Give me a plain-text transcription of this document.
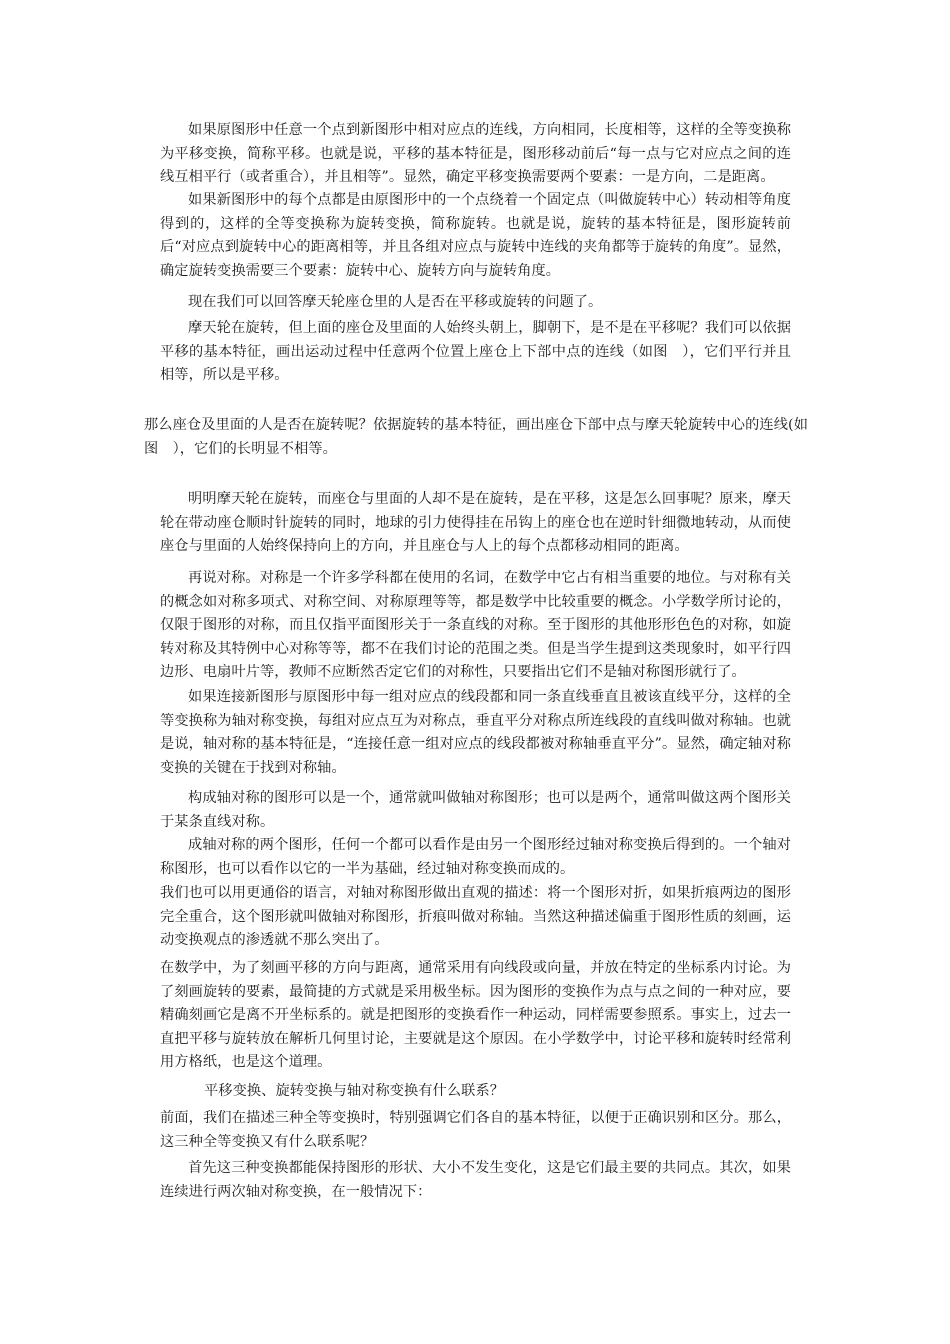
如果原图形中任意一个点到新图形中相对应点的连线，方向相同，长度相等，这样的全等变换称为平移变换，简称平移。也就是说，平移的基本特征是，图形移动前后“每一点与它对应点之间的连线互相平行（或者重合），并且相等”。显然，确定平移变换需要两个要素：一是方向，二是距离。

如果新图形中的每个点都是由原图形中的一个点绕着一个固定点（叫做旋转中心）转动相等角度得到的，这样的全等变换称为旋转变换，简称旋转。也就是说，旋转的基本特征是，图形旋转前后“对应点到旋转中心的距离相等，并且各组对应点与旋转中连线的夹角都等于旋转的角度”。显然，确定旋转变换需要三个要素：旋转中心、旋转方向与旋转角度。

现在我们可以回答摩天轮座仓里的人是否在平移或旋转的问题了。

摩天轮在旋转，但上面的座仓及里面的人始终头朝上，脚朝下，是不是在平移呢？我们可以依据平移的基本特征，画出运动过程中任意两个位置上座仓上下部中点的连线（如图　），它们平行并且相等，所以是平移。

那么座仓及里面的人是否在旋转呢？依据旋转的基本特征，画出座仓下部中点与摩天轮旋转中心的连线(如图　），它们的长明显不相等。

明明摩天轮在旋转，而座仓与里面的人却不是在旋转，是在平移，这是怎么回事呢？原来，摩天轮在带动座仓顺时针旋转的同时，地球的引力使得挂在吊钩上的座仓也在逆时针细微地转动，从而使座仓与里面的人始终保持向上的方向，并且座仓与人上的每个点都移动相同的距离。

再说对称。对称是一个许多学科都在使用的名词，在数学中它占有相当重要的地位。与对称有关的概念如对称多项式、对称空间、对称原理等等，都是数学中比较重要的概念。小学数学所讨论的，仅限于图形的对称，而且仅指平面图形关于一条直线的对称。至于图形的其他形形色色的对称，如旋转对称及其特例中心对称等等，都不在我们讨论的范围之类。但是当学生提到这类现象时，如平行四边形、电扇叶片等，教师不应断然否定它们的对称性，只要指出它们不是轴对称图形就行了。

如果连接新图形与原图形中每一组对应点的线段都和同一条直线垂直且被该直线平分，这样的全等变换称为轴对称变换，每组对应点互为对称点，垂直平分对称点所连线段的直线叫做对称轴。也就是说，轴对称的基本特征是，“连接任意一组对应点的线段都被对称轴垂直平分”。显然，确定轴对称变换的关键在于找到对称轴。

构成轴对称的图形可以是一个，通常就叫做轴对称图形；也可以是两个，通常叫做这两个图形关于某条直线对称。

成轴对称的两个图形，任何一个都可以看作是由另一个图形经过轴对称变换后得到的。一个轴对称图形，也可以看作以它的一半为基础，经过轴对称变换而成的。

我们也可以用更通俗的语言，对轴对称图形做出直观的描述：将一个图形对折，如果折痕两边的图形完全重合，这个图形就叫做轴对称图形，折痕叫做对称轴。当然这种描述偏重于图形性质的刻画，运动变换观点的渗透就不那么突出了。

在数学中，为了刻画平移的方向与距离，通常采用有向线段或向量，并放在特定的坐标系内讨论。为了刻画旋转的要素，最简捷的方式就是采用极坐标。因为图形的变换作为点与点之间的一种对应，要精确刻画它是离不开坐标系的。就是把图形的变换看作一种运动，同样需要参照系。事实上，过去一直把平移与旋转放在解析几何里讨论，主要就是这个原因。在小学数学中，讨论平移和旋转时经常利用方格纸，也是这个道理。

平移变换、旋转变换与轴对称变换有什么联系？

前面，我们在描述三种全等变换时，特别强调它们各自的基本特征，以便于正确识别和区分。那么，这三种全等变换又有什么联系呢？

首先这三种变换都能保持图形的形状、大小不发生变化，这是它们最主要的共同点。其次，如果连续进行两次轴对称变换，在一般情况下：
